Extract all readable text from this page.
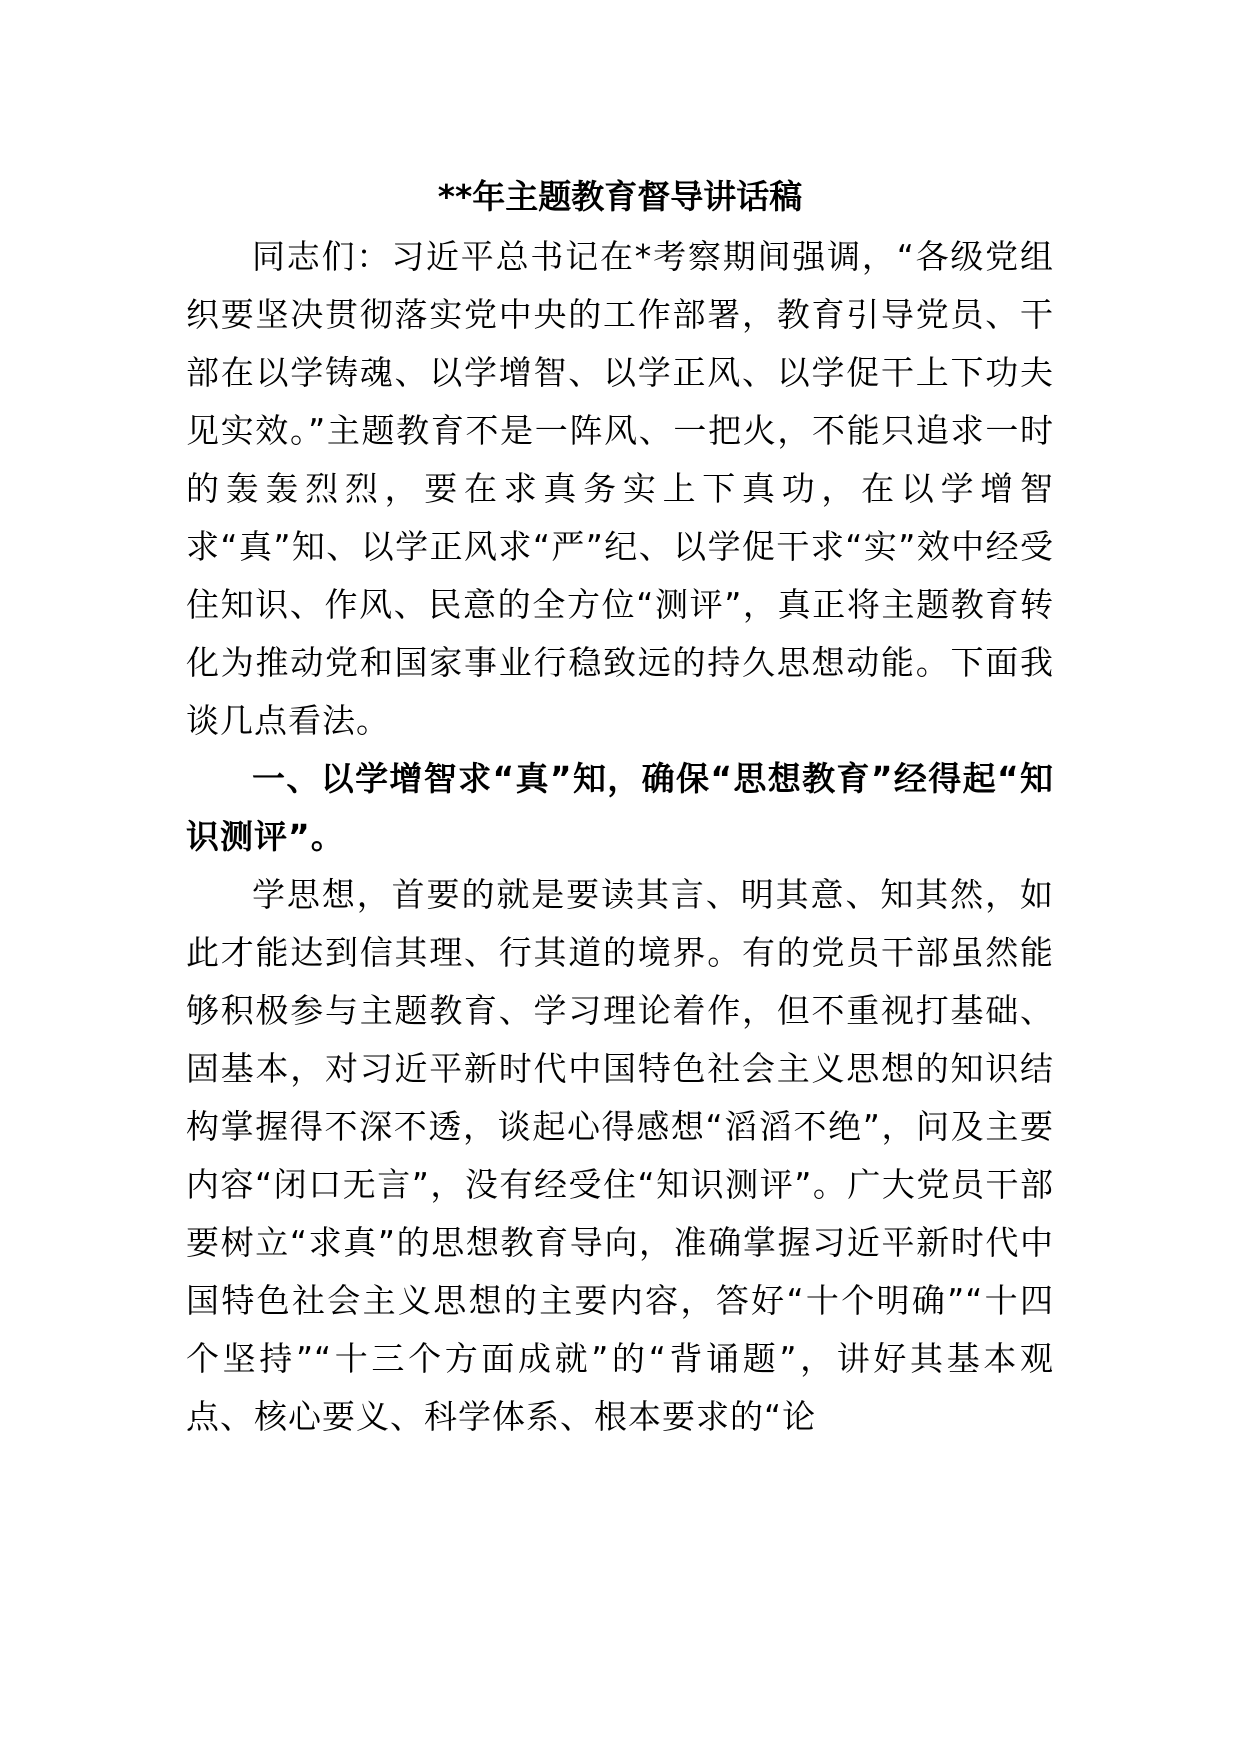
**年主题教育督导讲话稿

同志们：习近平总书记在*考察期间强调，“各级党组织要坚决贯彻落实党中央的工作部署，教育引导党员、干部在以学铸魂、以学增智、以学正风、以学促干上下功夫见实效。”主题教育不是一阵风、一把火，不能只追求一时的轰轰烈烈，要在求真务实上下真功，在以学增智求“真”知、以学正风求“严”纪、以学促干求“实”效中经受住知识、作风、民意的全方位“测评”，真正将主题教育转化为推动党和国家事业行稳致远的持久思想动能。下面我谈几点看法。

一、以学增智求“真”知，确保“思想教育”经得起“知识测评”。

学思想，首要的就是要读其言、明其意、知其然，如此才能达到信其理、行其道的境界。有的党员干部虽然能够积极参与主题教育、学习理论着作，但不重视打基础、固基本，对习近平新时代中国特色社会主义思想的知识结构掌握得不深不透，谈起心得感想“滔滔不绝”，问及主要内容“闭口无言”，没有经受住“知识测评”。广大党员干部要树立“求真”的思想教育导向，准确掌握习近平新时代中国特色社会主义思想的主要内容，答好“十个明确”“十四个坚持”“十三个方面成就”的“背诵题”，讲好其基本观点、核心要义、科学体系、根本要求的“论
